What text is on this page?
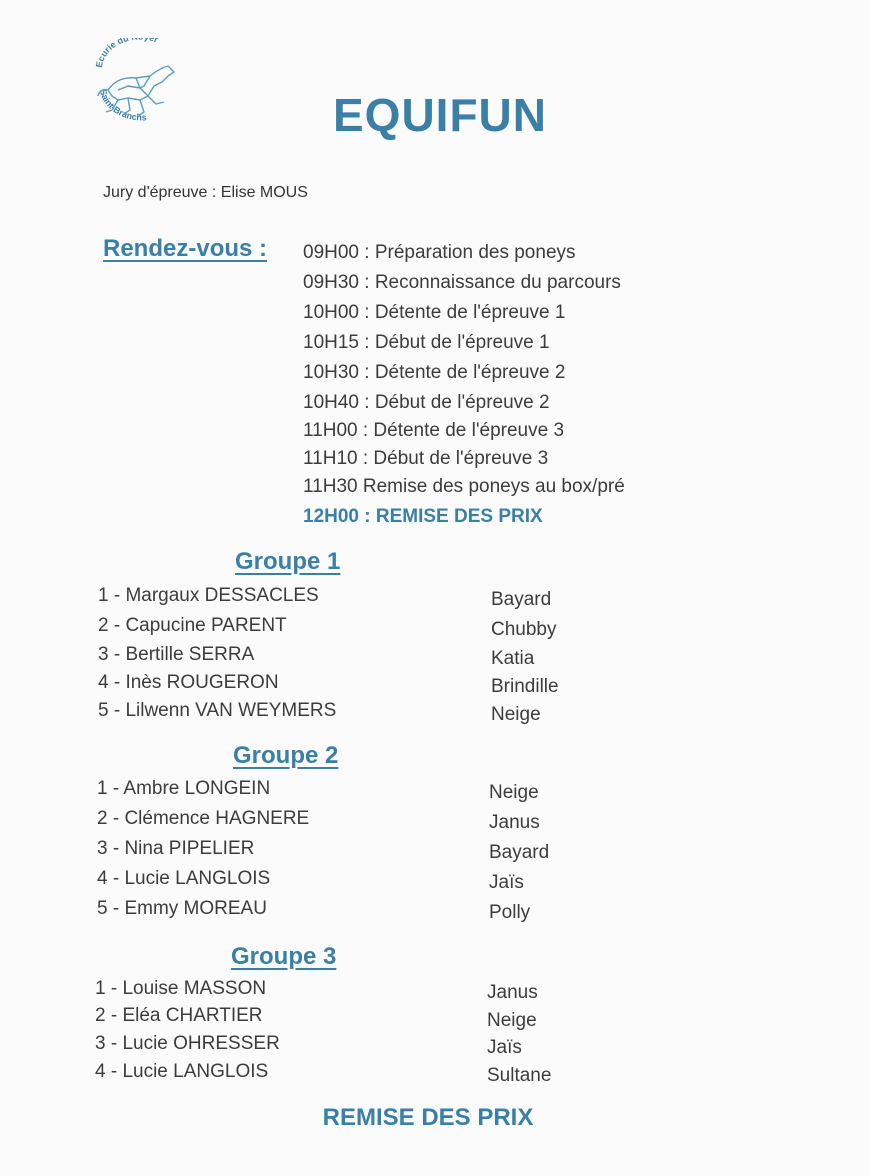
Ecurie du r
Saint-Branchs	EQUIFUN
Jury d'épreuve : Elise MOUS
Rendez-vous : 09H00 : Préparation des poneys
09H30 : Reconnaissance du parcours
10H00 : Détente de l'épreuve 1
10H15 : Début de l'épreuve 1
10H30 : Détente de l'épreuve 2
10H40 : Début de l'épreuve 2
11H00 : Détente de l'épreuve 3
11H10 : Début de l'épreuve 3
11H30 Remise des poneys au box/pré
12H00 : REMISE DES PRIX
Groupe 1
1 - Margaux DESSACLES	Bayard
2 - Capucine PARENT	Chubby
3 - Bertille SERRA	Katia
4 - Inès ROUGERON	Brindille
5 - Lilwenn VAN WEYMERS	Neige
Groupe 2
1 - Ambre LONGEIN	Neige
2 - Clémence HAGNERE	Janus
3 - Nina PIPELIER	Bayard
4 - Lucie LANGLOIS	Jaïs
5 - Emmy MOREAU	Polly
Groupe 3
1 - Louise MASSON	Janus
2 - Eléa CHARTIER	Neige
3 - Lucie OHRESSER	Jaïs
4 - Lucie LANGLOIS	Sultane
REMISE DES PRIX
